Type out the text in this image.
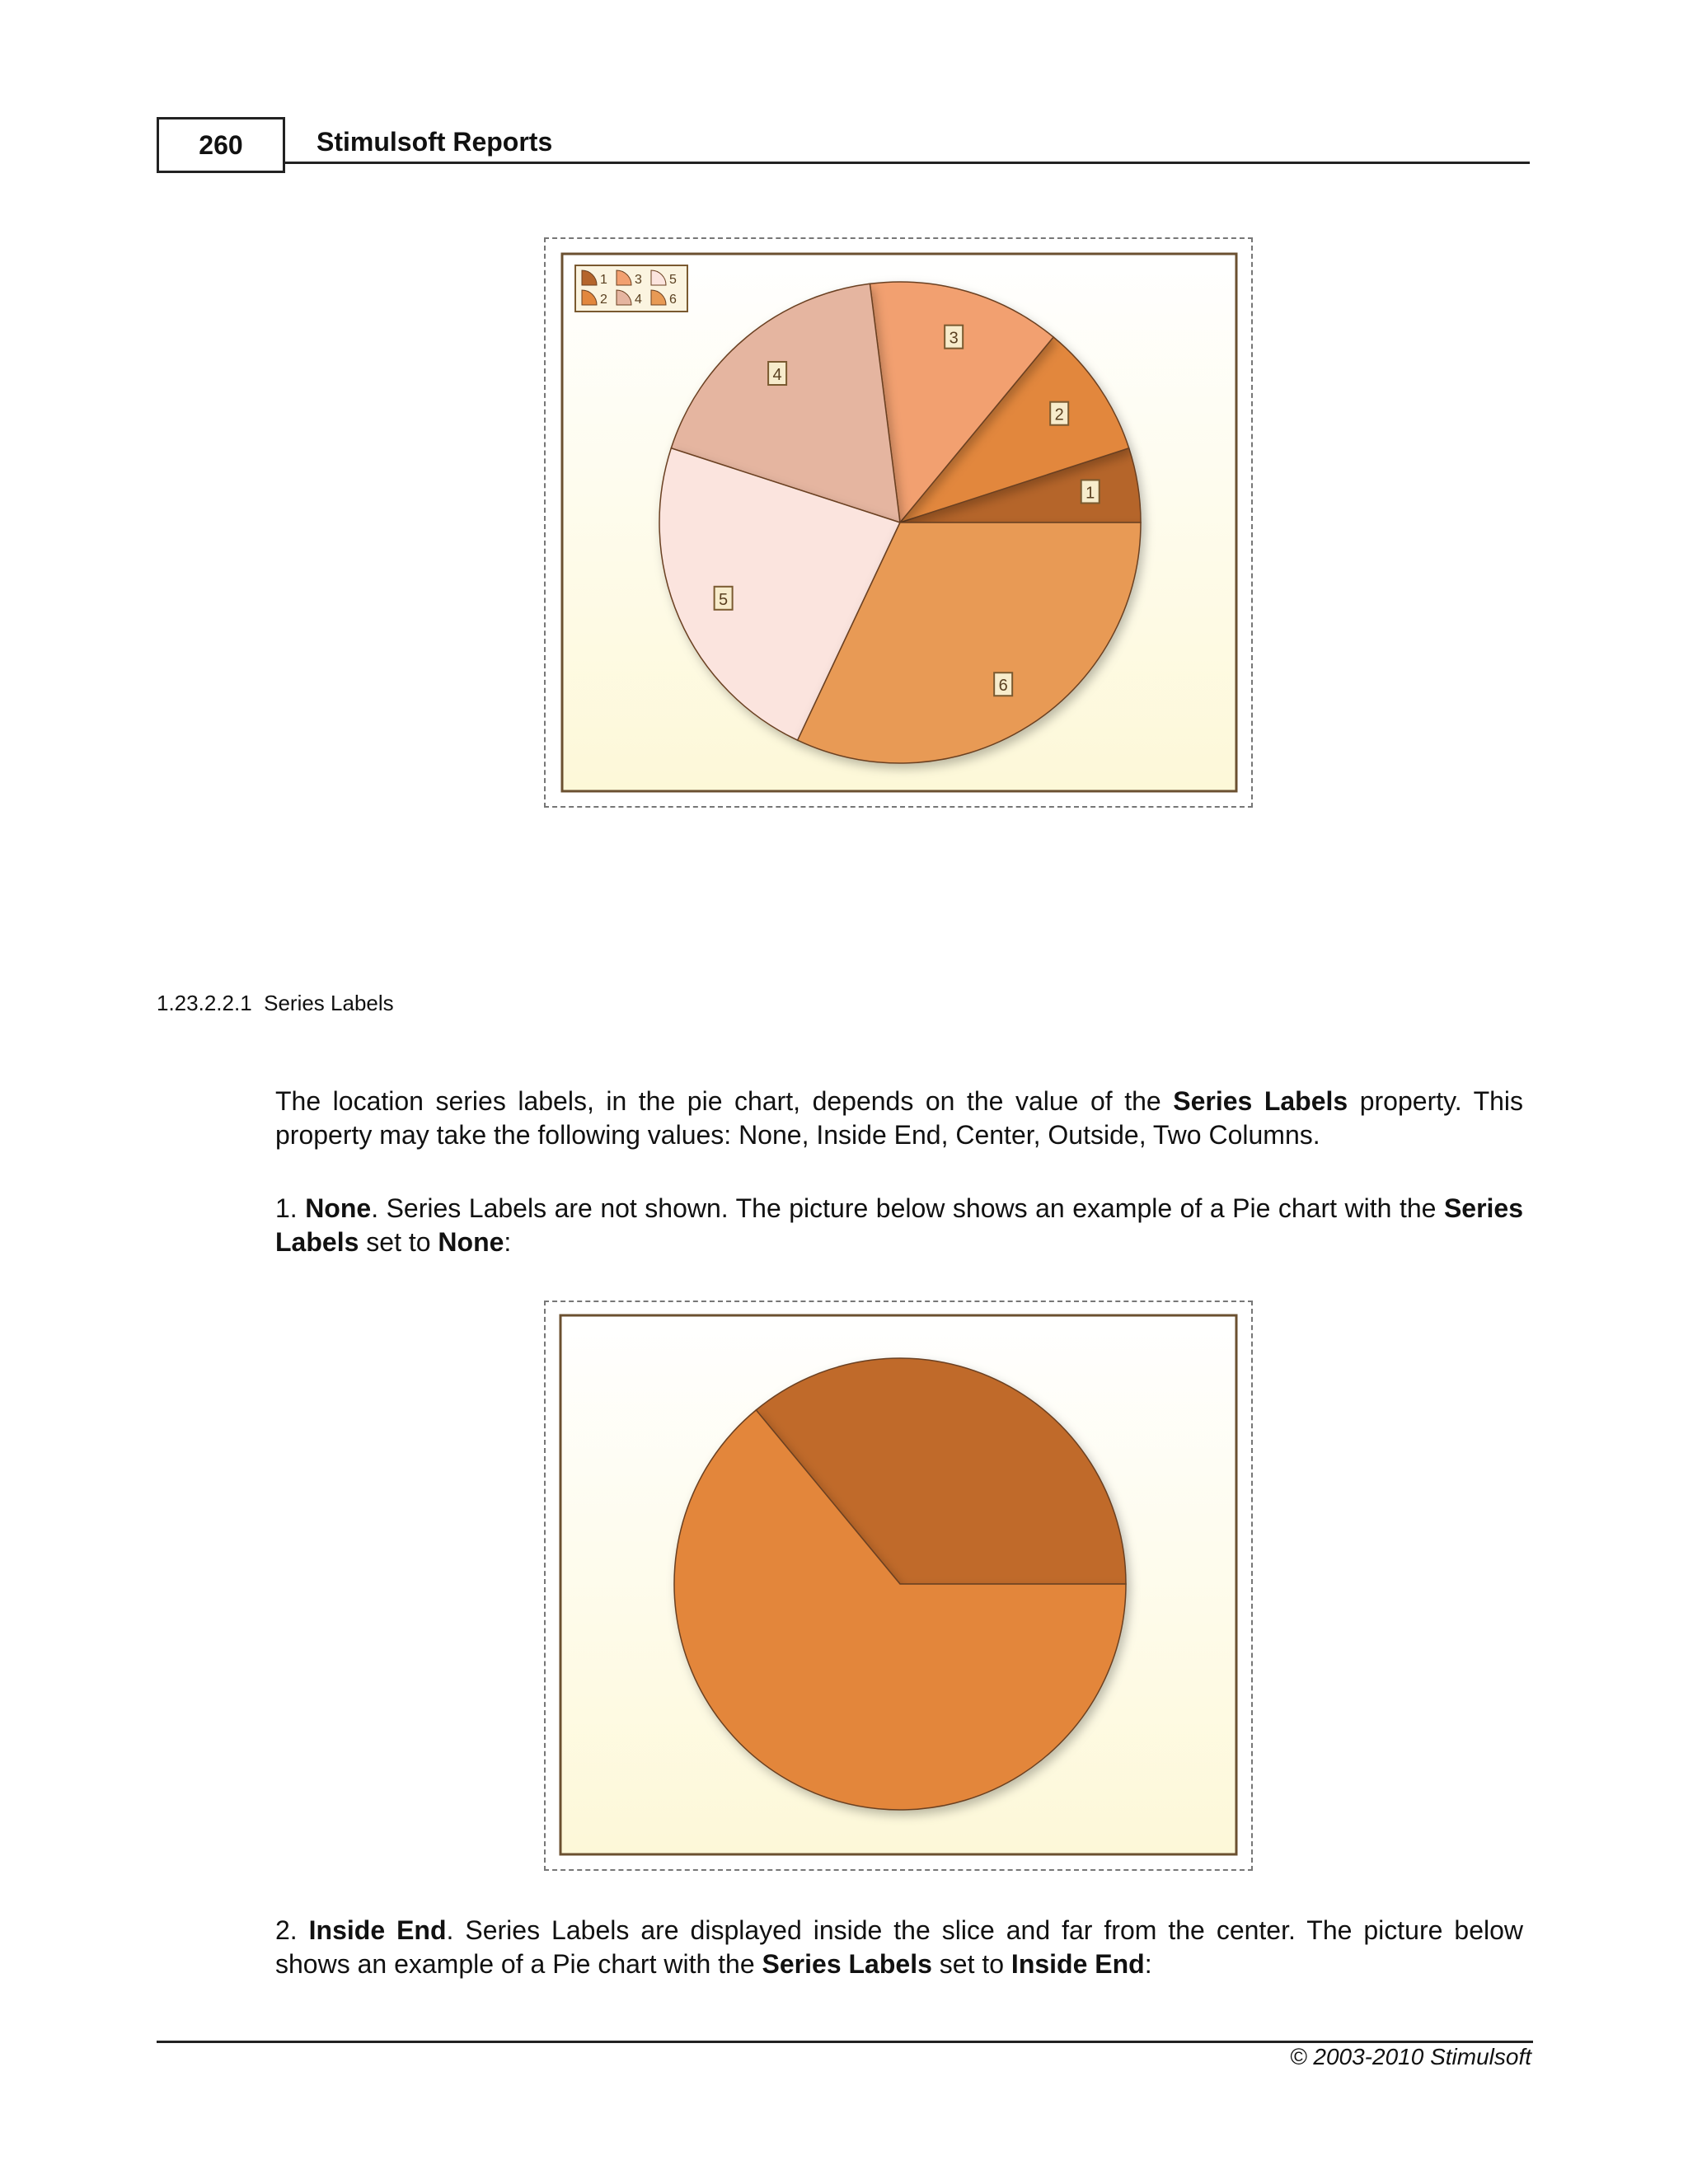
260	Stimulsoft Reports
1
2
3
4
5
6
1 3 5
2 4 6
1.23.2.2.1 Series Labels
The location series labels, in the pie chart, depends on the value of the Series Labels property. This property may take the following values: None, Inside End, Center, Outside, Two Columns.
1. None. Series Labels are not shown. The picture below shows an example of a Pie chart with the Series Labels set to None:
2. Inside End. Series Labels are displayed inside the slice and far from the center. The picture below shows an example of a Pie chart with the Series Labels set to Inside End:
© 2003-2010 Stimulsoft
